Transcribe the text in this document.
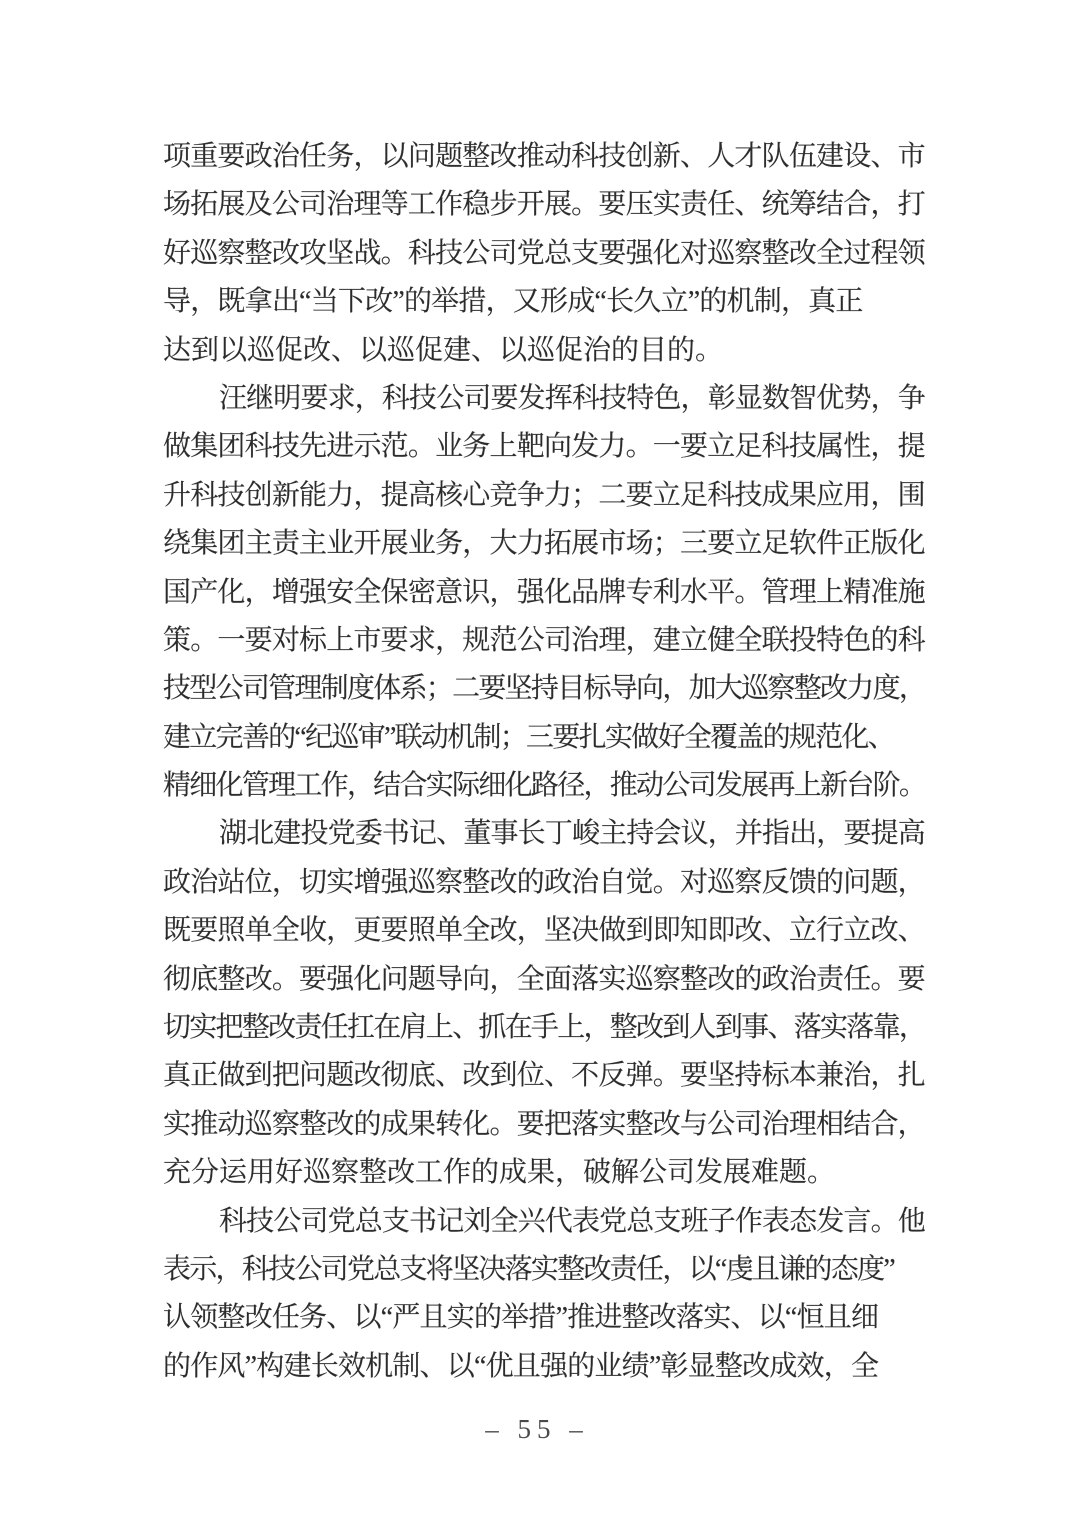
项重要政治任务，以问题整改推动科技创新、人才队伍建设、市
场拓展及公司治理等工作稳步开展。要压实责任、统筹结合，打
好巡察整改攻坚战。科技公司党总支要强化对巡察整改全过程领
导，既拿出“当下改”的举措，又形成“长久立”的机制，真正
达到以巡促改、以巡促建、以巡促治的目的。
汪继明要求，科技公司要发挥科技特色，彰显数智优势，争
做集团科技先进示范。业务上靶向发力。一要立足科技属性，提
升科技创新能力，提高核心竞争力；二要立足科技成果应用，围
绕集团主责主业开展业务，大力拓展市场；三要立足软件正版化
国产化，增强安全保密意识，强化品牌专利水平。管理上精准施
策。一要对标上市要求，规范公司治理，建立健全联投特色的科
技型公司管理制度体系；二要坚持目标导向，加大巡察整改力度，
建立完善的“纪巡审”联动机制；三要扎实做好全覆盖的规范化、
精细化管理工作，结合实际细化路径，推动公司发展再上新台阶。
湖北建投党委书记、董事长丁峻主持会议，并指出，要提高
政治站位，切实增强巡察整改的政治自觉。对巡察反馈的问题，
既要照单全收，更要照单全改，坚决做到即知即改、立行立改、
彻底整改。要强化问题导向，全面落实巡察整改的政治责任。要
切实把整改责任扛在肩上、抓在手上，整改到人到事、落实落靠，
真正做到把问题改彻底、改到位、不反弹。要坚持标本兼治，扎
实推动巡察整改的成果转化。要把落实整改与公司治理相结合，
充分运用好巡察整改工作的成果，破解公司发展难题。
科技公司党总支书记刘全兴代表党总支班子作表态发言。他
表示，科技公司党总支将坚决落实整改责任，以“虔且谦的态度”
认领整改任务、以“严且实的举措”推进整改落实、以“恒且细
的作风”构建长效机制、以“优且强的业绩”彰显整改成效，全
– 55 –
